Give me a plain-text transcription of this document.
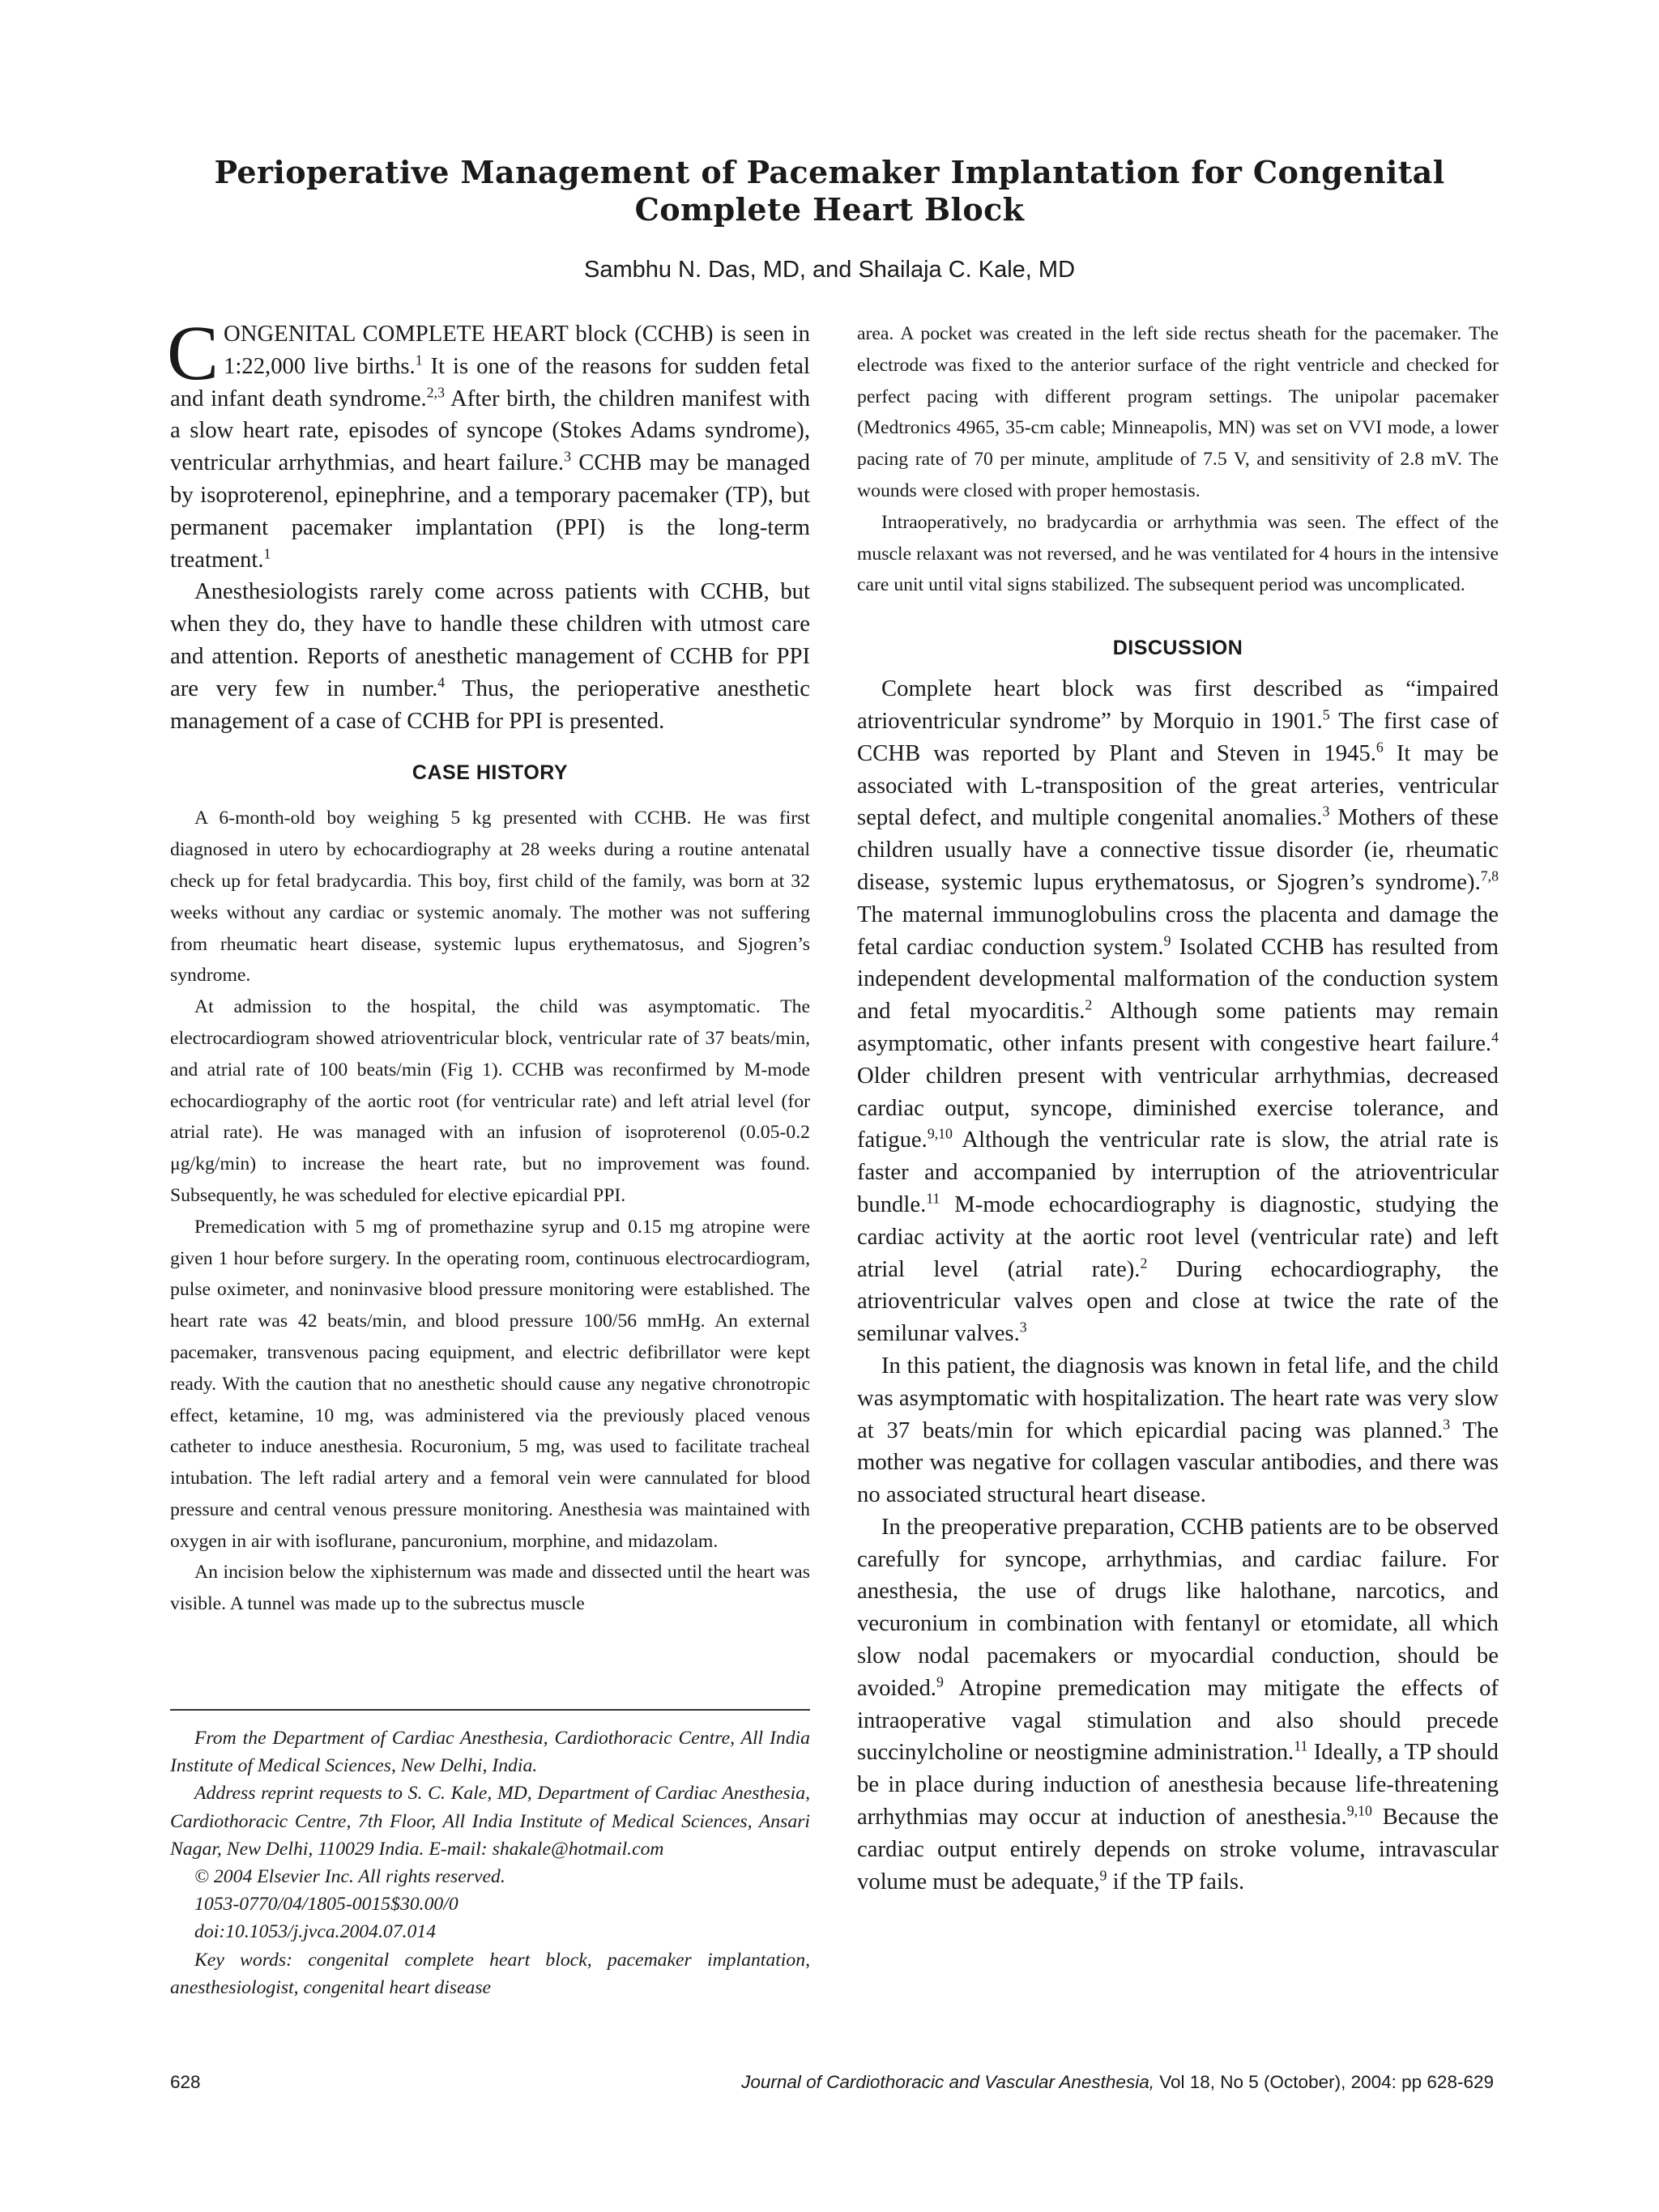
Perioperative Management of Pacemaker Implantation for Congenital
Complete Heart Block

Sambhu N. Das, MD, and Shailaja C. Kale, MD

CONGENITAL COMPLETE HEART block (CCHB) is seen in 1:22,000 live births.$^1$ It is one of the reasons for sudden fetal and infant death syndrome.$^{2,3}$ After birth, the children manifest with a slow heart rate, episodes of syncope (Stokes Adams syndrome), ventricular arrhythmias, and heart failure.$^3$ CCHB may be managed by isoproterenol, epinephrine, and a temporary pacemaker (TP), but permanent pacemaker implantation (PPI) is the long-term treatment.$^1$

Anesthesiologists rarely come across patients with CCHB, but when they do, they have to handle these children with utmost care and attention. Reports of anesthetic management of CCHB for PPI are very few in number.$^4$ Thus, the perioperative anesthetic management of a case of CCHB for PPI is presented.

CASE HISTORY

A 6-month-old boy weighing 5 kg presented with CCHB. He was first diagnosed in utero by echocardiography at 28 weeks during a routine antenatal check up for fetal bradycardia. This boy, first child of the family, was born at 32 weeks without any cardiac or systemic anomaly. The mother was not suffering from rheumatic heart disease, systemic lupus erythematosus, and Sjogren’s syndrome.

At admission to the hospital, the child was asymptomatic. The electrocardiogram showed atrioventricular block, ventricular rate of 37 beats/min, and atrial rate of 100 beats/min (Fig 1). CCHB was reconfirmed by M-mode echocardiography of the aortic root (for ventricular rate) and left atrial level (for atrial rate). He was managed with an infusion of isoproterenol (0.05-0.2 μg/kg/min) to increase the heart rate, but no improvement was found. Subsequently, he was scheduled for elective epicardial PPI.

Premedication with 5 mg of promethazine syrup and 0.15 mg atropine were given 1 hour before surgery. In the operating room, continuous electrocardiogram, pulse oximeter, and noninvasive blood pressure monitoring were established. The heart rate was 42 beats/min, and blood pressure 100/56 mmHg. An external pacemaker, transvenous pacing equipment, and electric defibrillator were kept ready. With the caution that no anesthetic should cause any negative chronotropic effect, ketamine, 10 mg, was administered via the previously placed venous catheter to induce anesthesia. Rocuronium, 5 mg, was used to facilitate tracheal intubation. The left radial artery and a femoral vein were cannulated for blood pressure and central venous pressure monitoring. Anesthesia was maintained with oxygen in air with isoflurane, pancuronium, morphine, and midazolam.

An incision below the xiphisternum was made and dissected until the heart was visible. A tunnel was made up to the subrectus muscle

From the Department of Cardiac Anesthesia, Cardiothoracic Centre, All India Institute of Medical Sciences, New Delhi, India.

Address reprint requests to S. C. Kale, MD, Department of Cardiac Anesthesia, Cardiothoracic Centre, 7th Floor, All India Institute of Medical Sciences, Ansari Nagar, New Delhi, 110029 India. E-mail: shakale@hotmail.com

© 2004 Elsevier Inc. All rights reserved.

1053-0770/04/1805-0015$30.00/0

doi:10.1053/j.jvca.2004.07.014

Key words: congenital complete heart block, pacemaker implantation, anesthesiologist, congenital heart disease

area. A pocket was created in the left side rectus sheath for the pacemaker. The electrode was fixed to the anterior surface of the right ventricle and checked for perfect pacing with different program settings. The unipolar pacemaker (Medtronics 4965, 35-cm cable; Minneapolis, MN) was set on VVI mode, a lower pacing rate of 70 per minute, amplitude of 7.5 V, and sensitivity of 2.8 mV. The wounds were closed with proper hemostasis.

Intraoperatively, no bradycardia or arrhythmia was seen. The effect of the muscle relaxant was not reversed, and he was ventilated for 4 hours in the intensive care unit until vital signs stabilized. The subsequent period was uncomplicated.

DISCUSSION

Complete heart block was first described as “impaired atrioventricular syndrome” by Morquio in 1901.$^5$ The first case of CCHB was reported by Plant and Steven in 1945.$^6$ It may be associated with L-transposition of the great arteries, ventricular septal defect, and multiple congenital anomalies.$^3$ Mothers of these children usually have a connective tissue disorder (ie, rheumatic disease, systemic lupus erythematosus, or Sjogren’s syndrome).$^{7,8}$ The maternal immunoglobulins cross the placenta and damage the fetal cardiac conduction system.$^9$ Isolated CCHB has resulted from independent developmental malformation of the conduction system and fetal myocarditis.$^2$ Although some patients may remain asymptomatic, other infants present with congestive heart failure.$^4$ Older children present with ventricular arrhythmias, decreased cardiac output, syncope, diminished exercise tolerance, and fatigue.$^{9,10}$ Although the ventricular rate is slow, the atrial rate is faster and accompanied by interruption of the atrioventricular bundle.$^{11}$ M-mode echocardiography is diagnostic, studying the cardiac activity at the aortic root level (ventricular rate) and left atrial level (atrial rate).$^2$ During echocardiography, the atrioventricular valves open and close at twice the rate of the semilunar valves.$^3$

In this patient, the diagnosis was known in fetal life, and the child was asymptomatic with hospitalization. The heart rate was very slow at 37 beats/min for which epicardial pacing was planned.$^3$ The mother was negative for collagen vascular antibodies, and there was no associated structural heart disease.

In the preoperative preparation, CCHB patients are to be observed carefully for syncope, arrhythmias, and cardiac failure. For anesthesia, the use of drugs like halothane, narcotics, and vecuronium in combination with fentanyl or etomidate, all which slow nodal pacemakers or myocardial conduction, should be avoided.$^9$ Atropine premedication may mitigate the effects of intraoperative vagal stimulation and also should precede succinylcholine or neostigmine administration.$^{11}$ Ideally, a TP should be in place during induction of anesthesia because life-threatening arrhythmias may occur at induction of anesthesia.$^{9,10}$ Because the cardiac output entirely depends on stroke volume, intravascular volume must be adequate,$^9$ if the TP fails.

628	Journal of Cardiothoracic and Vascular Anesthesia, Vol 18, No 5 (October), 2004: pp 628-629
